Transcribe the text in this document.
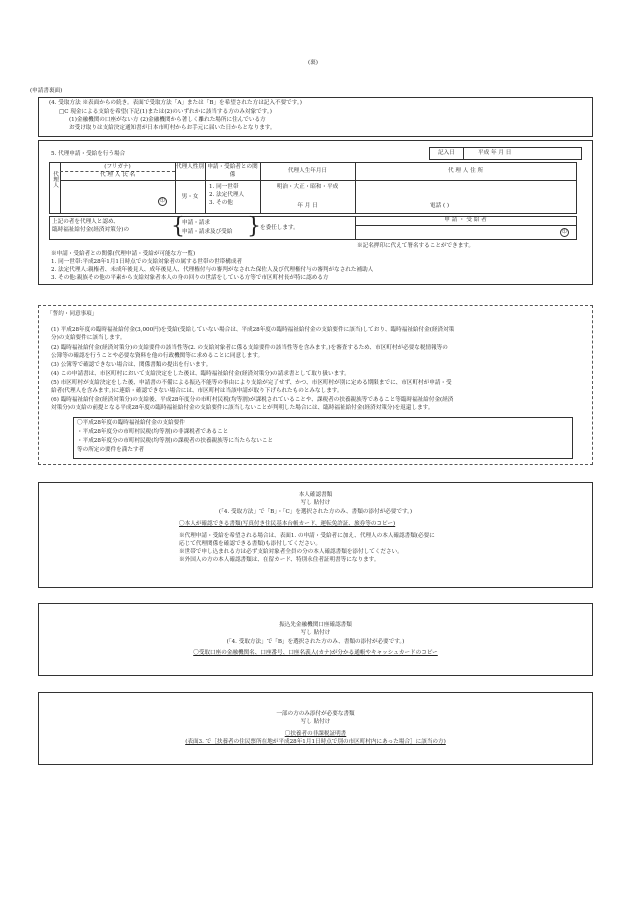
(裏)
(申請書裏面)
(4. 受取方法 ※表面からの続き。表面で受取方法「A」または「B」を希望された方は記入不要です。)
□C 現金による支給を希望(下記(1)または(2)のいずれかに該当する方のみ対象です。)
(1)金融機関の口座がない方 (2)金融機関から著しく離れた場所に住んでいる方
お受け取りは支給決定通知書が日本市町村からお手元に届いた日からとなります。
5. 代理申請・受給を行う場合	記入日	平成 年 月 日
代理人
(フリガナ)
代 理 人 氏 名
印
代理人性別
男・女
申請・受給者との関係
1. 同一世帯
2. 法定代理人
3. その他
代理人生年月日
明治・大正・昭和・平成
年 月 日
代 理 人 住 所
電話 ( )
上記の者を代理人と認め、
臨時福祉給付金(経済対策分)の {
申請・請求
申請・請求及び受給 } を委任します。
申 請 ・ 受 給 者
印
※記名押印に代えて署名することができます。
※申請・受給者との関係(代理申請・受給が可能な方一覧)
1. 同一世帯:平成28年1月1日時点での支給対象者の属する世帯の世帯構成者
2. 法定代理人:親権者、未成年後見人、成年後見人、代理権付与の審判がなされた保佐人及び代理権付与の審判がなされた補助人
3. その他:親族その他の平素から支給対象者本人の身の回りの世話をしている方等で市区町村長が特に認める方
「誓約・同意事項」
(1) 平成28年度の臨時福祉給付金(3,000円)を受給(受給していない場合は、平成28年度の臨時福祉給付金の支給要件に該当)しており、臨時福祉給付金(経済対策
分)の支給要件に該当します。
(2) 臨時福祉給付金(経済対策分)の支給要件の該当性等(2. の支給対象者に係る支給要件の該当性等を含みます。)を審査するため、市区町村が必要な税情報等の
公簿等の確認を行うことや必要な資料を他の行政機関等に求めることに同意します。
(3) 公簿等で確認できない場合は、関係書類の提出を行います。
(4) この申請書は、市区町村において支給決定をした後は、臨時福祉給付金(経済対策分)の請求書として取り扱います。
(5) 市区町村が支給決定をした後、申請書の不備による振込不能等の事由により支給が完了せず、かつ、市区町村が別に定める期限までに、市区町村が申請・受
給者(代理人を含みます。)に連絡・確認できない場合には、市区町村は当該申請が取り下げられたものとみなします。
(6) 臨時福祉給付金(経済対策分)の支給後、平成28年度分の市町村民税(均等割)が課税されていることや、課税者の扶養親族等であること等臨時福祉給付金(経済
対策分)の支給の前提となる平成28年度の臨時福祉給付金の支給要件に該当しないことが判明した場合には、臨時福祉給付金(経済対策分)を返還します。
〇平成28年度の臨時福祉給付金の支給要件
・平成28年度分の市町村民税(均等割)の非課税者であること
・平成28年度分の市町村民税(均等割)の課税者の扶養親族等に当たらないこと
等の所定の要件を満たす者
本人確認書類
写し 貼付け
(「4. 受取方法」で「B」・「C」を選択された方のみ、書類の添付が必要です。)
〇本人が確認できる書類(写真付き住民基本台帳カード、運転免許証、旅券等のコピー)
※代理申請・受給を希望される場合は、表面1. の申請・受給者に加え、代理人の本人確認書類(必要に
応じて代理関係を確認できる書類)も添付してください。
※世帯で申し込まれる方は必ず支給対象者全員の分の本人確認書類を添付してください。
※外国人の方の本人確認書類は、在留カード、特別永住者証明書等になります。
振込先金融機関口座確認書類
写し 貼付け
(「4. 受取方法」で「B」を選択された方のみ、書類の添付が必要です。)
〇受取口座の金融機関名、口座番号、口座名義人(カナ)が分かる通帳やキャッシュカードのコピー
一部の方のみ添付が必要な書類
写し 貼付け
〇扶養者の非課税証明書
(表面3. で［扶養者の住民票所在地が平成28年1月1日時点で別の市区町村内にあった場合］に該当の方)
